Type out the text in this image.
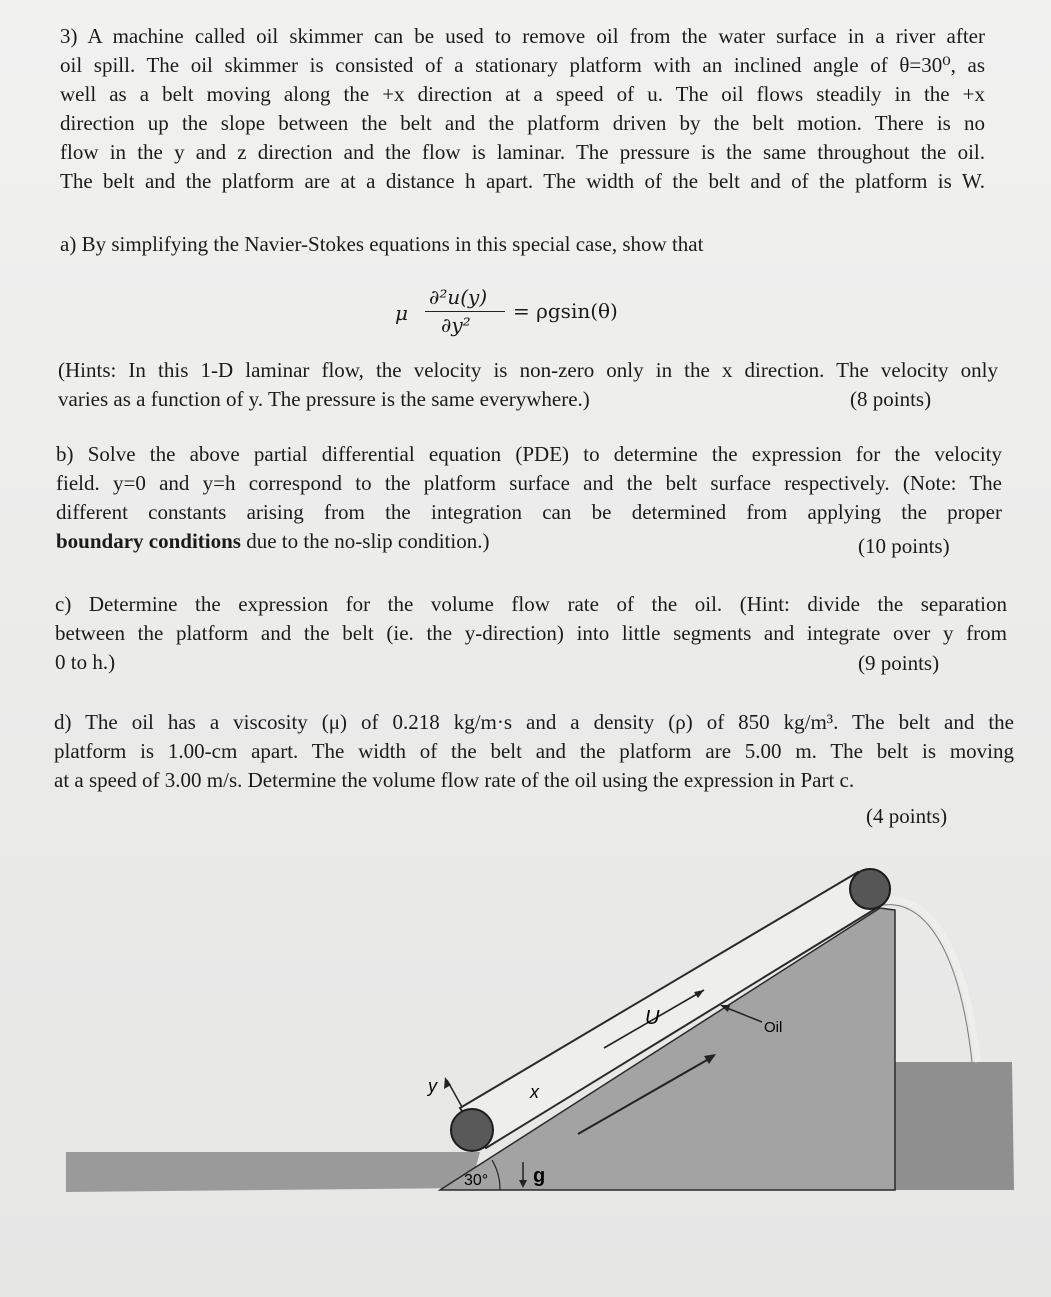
3) A machine called oil skimmer can be used to remove oil from the water surface in a river after
oil spill. The oil skimmer is consisted of a stationary platform with an inclined angle of θ=30⁰, as
well as a belt moving along the +x direction at a speed of u. The oil flows steadily in the +x
direction up the slope between the belt and the platform driven by the belt motion. There is no
flow in the y and z direction and the flow is laminar. The pressure is the same throughout the oil.
The belt and the platform are at a distance h apart. The width of the belt and of the platform is W.
a) By simplifying the Navier-Stokes equations in this special case, show that
μ
∂²u(y)
∂y²
= ρgsin(θ)
(Hints: In this 1-D laminar flow, the velocity is non-zero only in the x direction. The velocity only
varies as a function of y. The pressure is the same everywhere.)	(8 points)
b) Solve the above partial differential equation (PDE) to determine the expression for the velocity
field. y=0 and y=h correspond to the platform surface and the belt surface respectively. (Note: The
different constants arising from the integration can be determined from applying the proper
boundary conditions due to the no-slip condition.)	(10 points)
c) Determine the expression for the volume flow rate of the oil. (Hint: divide the separation
between the platform and the belt (ie. the y-direction) into little segments and integrate over y from
0 to h.)	(9 points)
d) The oil has a viscosity (μ) of 0.218 kg/m·s and a density (ρ) of 850 kg/m³. The belt and the
platform is 1.00-cm apart. The width of the belt and the platform are 5.00 m. The belt is moving
at a speed of 3.00 m/s. Determine the volume flow rate of the oil using the expression in Part c.
(4 points)
U	Oil
y	x
30° g
